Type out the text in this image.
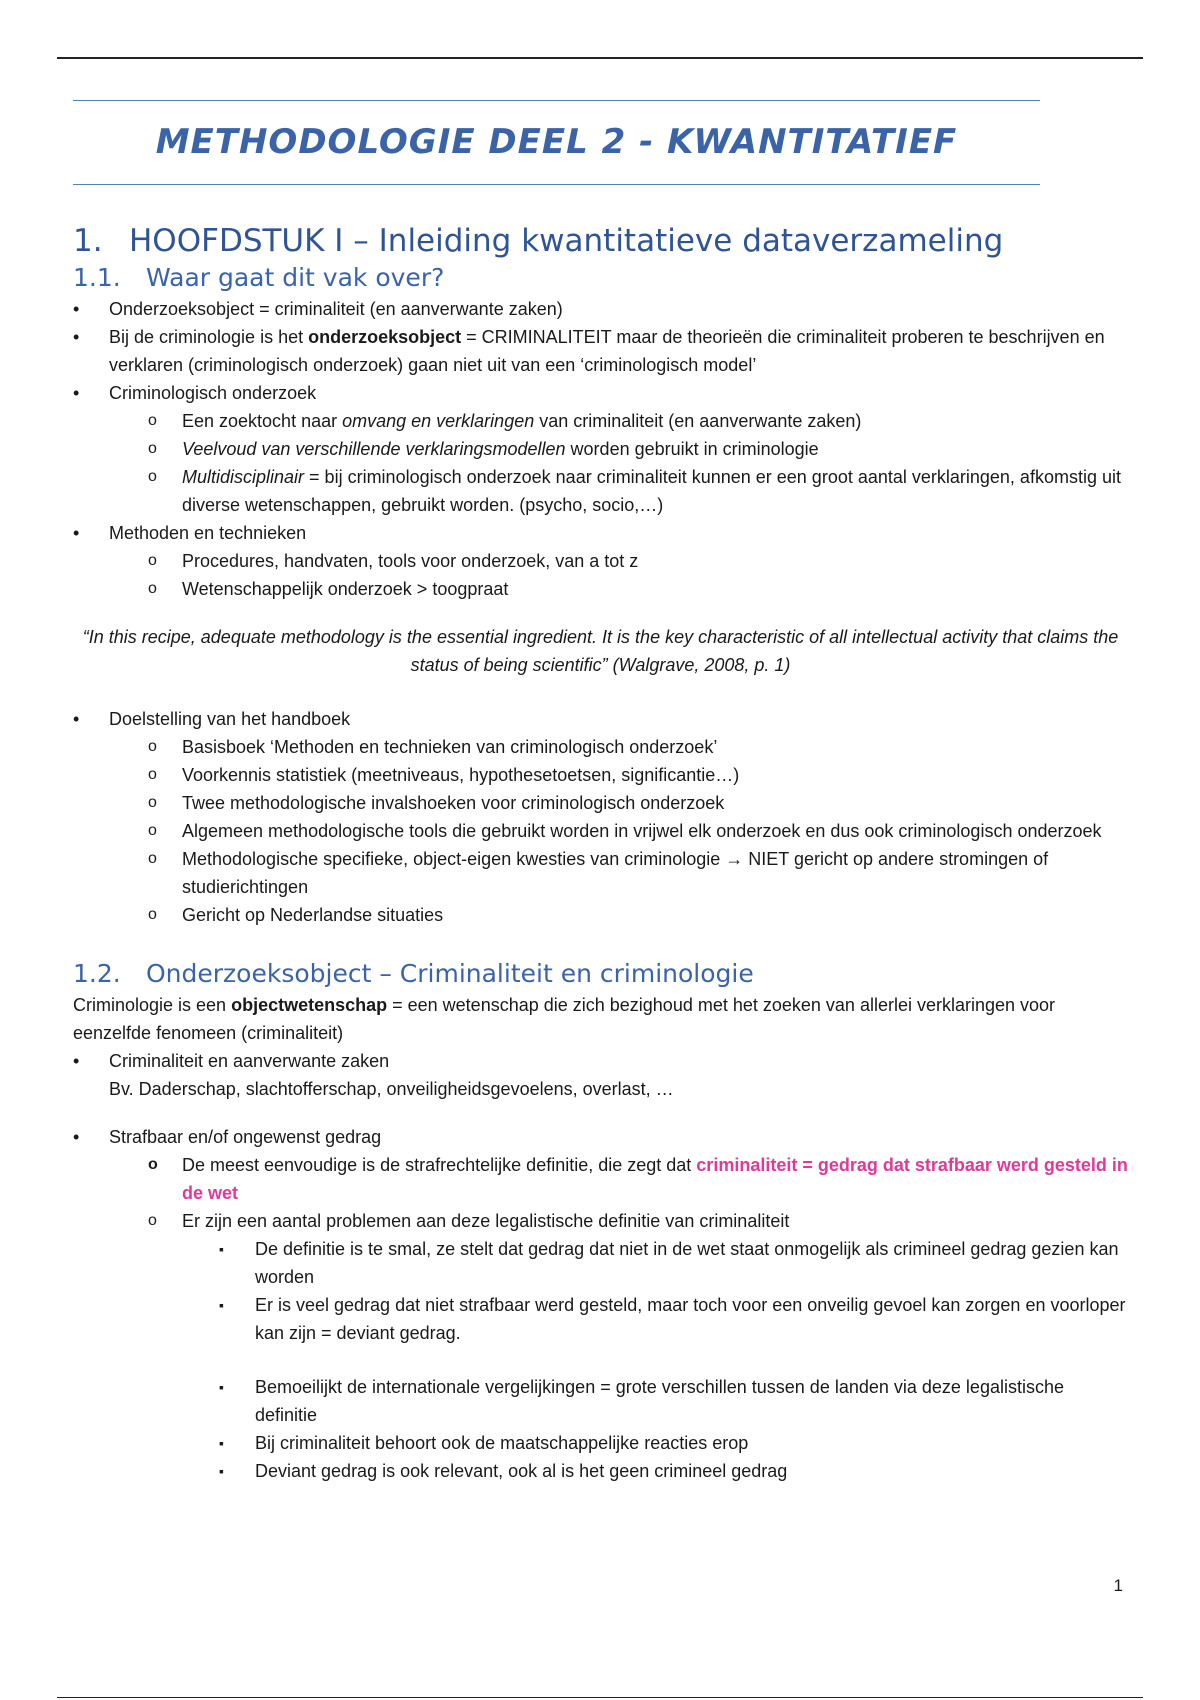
METHODOLOGIE DEEL 2 - KWANTITATIEF

1. HOOFDSTUK I – Inleiding kwantitatieve dataverzameling
1.1. Waar gaat dit vak over?
• Onderzoeksobject = criminaliteit (en aanverwante zaken)
• Bij de criminologie is het onderzoeksobject = CRIMINALITEIT maar de theorieën die criminaliteit proberen te beschrijven en verklaren (criminologisch onderzoek) gaan niet uit van een ‘criminologisch model’
• Criminologisch onderzoek
o Een zoektocht naar omvang en verklaringen van criminaliteit (en aanverwante zaken)
o Veelvoud van verschillende verklaringsmodellen worden gebruikt in criminologie
o Multidisciplinair = bij criminologisch onderzoek naar criminaliteit kunnen er een groot aantal verklaringen, afkomstig uit diverse wetenschappen, gebruikt worden. (psycho, socio,…)
• Methoden en technieken
o Procedures, handvaten, tools voor onderzoek, van a tot z
o Wetenschappelijk onderzoek > toogpraat

“In this recipe, adequate methodology is the essential ingredient. It is the key characteristic of all intellectual activity that claims the status of being scientific” (Walgrave, 2008, p. 1)

• Doelstelling van het handboek
o Basisboek ‘Methoden en technieken van criminologisch onderzoek’
o Voorkennis statistiek (meetniveaus, hypothesetoetsen, significantie…)
o Twee methodologische invalshoeken voor criminologisch onderzoek
o Algemeen methodologische tools die gebruikt worden in vrijwel elk onderzoek en dus ook criminologisch onderzoek
o Methodologische specifieke, object-eigen kwesties van criminologie → NIET gericht op andere stromingen of studierichtingen
o Gericht op Nederlandse situaties
1.2. Onderzoeksobject – Criminaliteit en criminologie

Criminologie is een objectwetenschap = een wetenschap die zich bezighoud met het zoeken van allerlei verklaringen voor eenzelfde fenomeen (criminaliteit)

• Criminaliteit en aanverwante zaken
Bv. Daderschap, slachtofferschap, onveiligheidsgevoelens, overlast, …
• Strafbaar en/of ongewenst gedrag
o De meest eenvoudige is de strafrechtelijke definitie, die zegt dat criminaliteit = gedrag dat strafbaar werd gesteld in de wet
o Er zijn een aantal problemen aan deze legalistische definitie van criminaliteit
▪ De definitie is te smal, ze stelt dat gedrag dat niet in de wet staat onmogelijk als crimineel gedrag gezien kan worden
▪ Er is veel gedrag dat niet strafbaar werd gesteld, maar toch voor een onveilig gevoel kan zorgen en voorloper kan zijn = deviant gedrag.
▪ Bemoeilijkt de internationale vergelijkingen = grote verschillen tussen de landen via deze legalistische definitie
▪ Bij criminaliteit behoort ook de maatschappelijke reacties erop
▪ Deviant gedrag is ook relevant, ook al is het geen crimineel gedrag
1
